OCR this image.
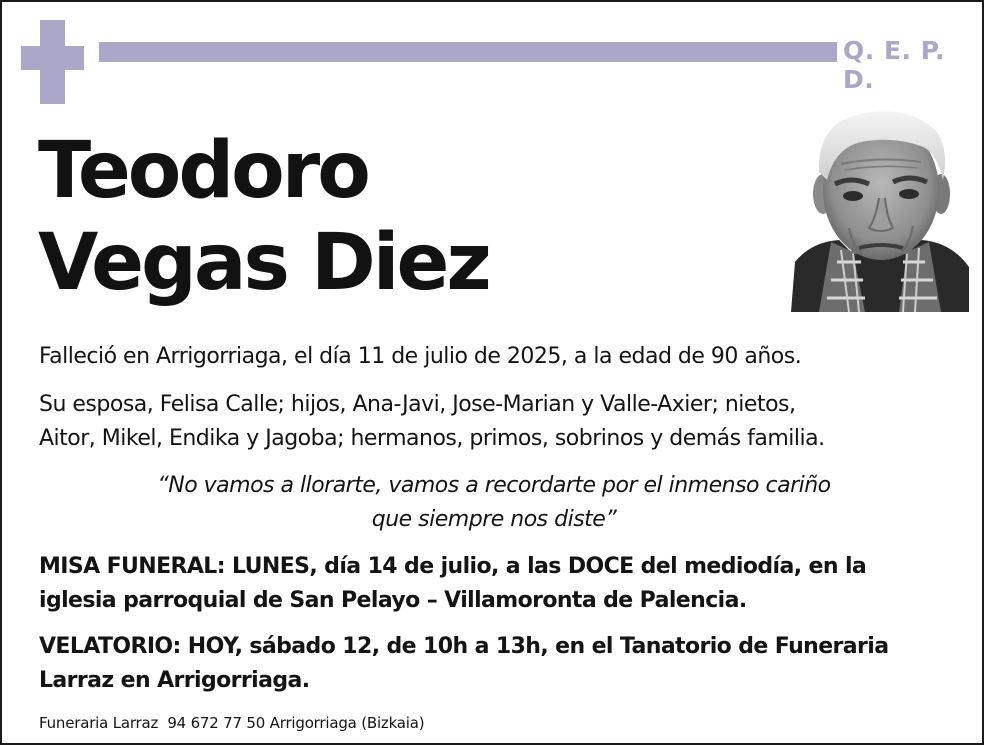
Q. E. P. D.
Teodoro
Vegas Diez
Falleció en Arrigorriaga, el día 11 de julio de 2025, a la edad de 90 años.
Su esposa, Felisa Calle; hijos, Ana-Javi, Jose-Marian y Valle-Axier; nietos,
Aitor, Mikel, Endika y Jagoba; hermanos, primos, sobrinos y demás familia.
“No vamos a llorarte, vamos a recordarte por el inmenso cariño
que siempre nos diste”
MISA FUNERAL: LUNES, día 14 de julio, a las DOCE del mediodía, en la
iglesia parroquial de San Pelayo – Villamoronta de Palencia.
VELATORIO: HOY, sábado 12, de 10h a 13h, en el Tanatorio de Funeraria
Larraz en Arrigorriaga.
Funeraria Larraz  94 672 77 50 Arrigorriaga (Bizkaia)
